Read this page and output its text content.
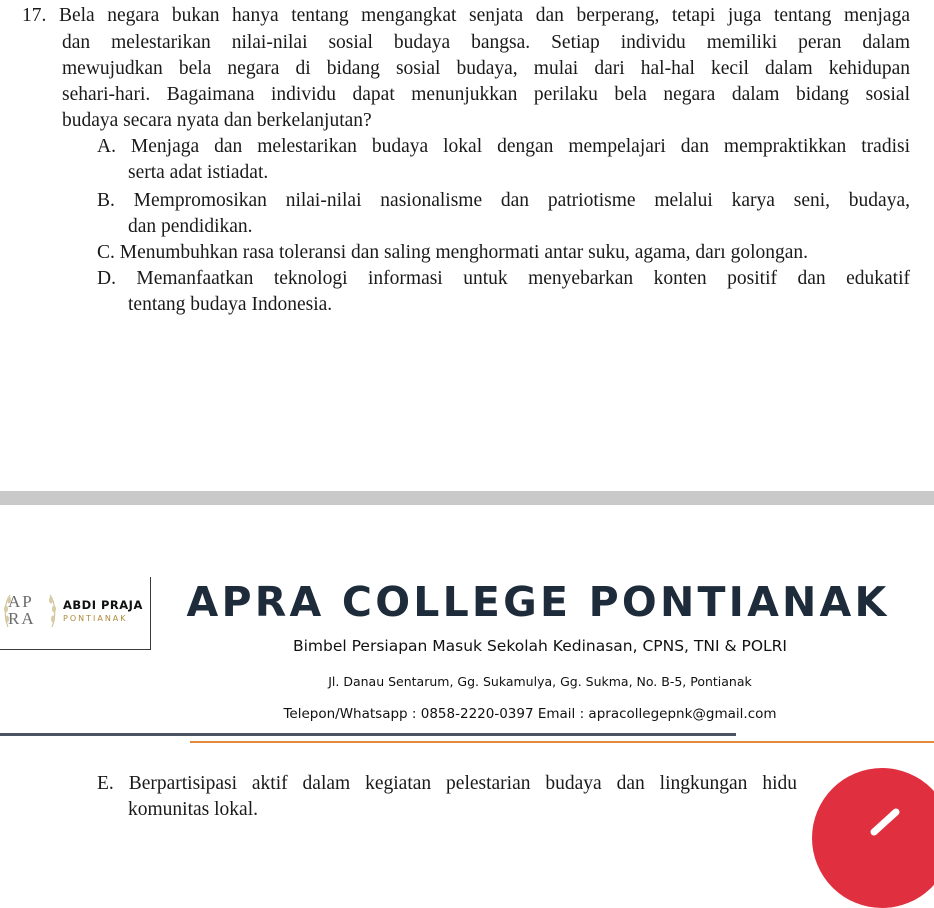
17. Bela negara bukan hanya tentang mengangkat senjata dan berperang, tetapi juga tentang menjaga
dan melestarikan nilai-nilai sosial budaya bangsa. Setiap individu memiliki peran dalam
mewujudkan bela negara di bidang sosial budaya, mulai dari hal-hal kecil dalam kehidupan
sehari-hari. Bagaimana individu dapat menunjukkan perilaku bela negara dalam bidang sosial
budaya secara nyata dan berkelanjutan?
A. Menjaga dan melestarikan budaya lokal dengan mempelajari dan mempraktikkan tradisi
serta adat istiadat.
B. Mempromosikan nilai-nilai nasionalisme dan patriotisme melalui karya seni, budaya,
dan pendidikan.
C. Menumbuhkan rasa toleransi dan saling menghormati antar suku, agama, darı golongan.
D. Memanfaatkan teknologi informasi untuk menyebarkan konten positif dan edukatif
tentang budaya Indonesia.
AP
RA
ABDI PRAJA
PONTIANAK	APRA COLLEGE PONTIANAK
Bimbel Persiapan Masuk Sekolah Kedinasan, CPNS, TNI & POLRI
Jl. Danau Sentarum, Gg. Sukamulya, Gg. Sukma, No. B-5, Pontianak
Telepon/Whatsapp : 0858-2220-0397 Email : apracollegepnk@gmail.com
E. Berpartisipasi aktif dalam kegiatan pelestarian budaya dan lingkungan hidu
komunitas lokal.
